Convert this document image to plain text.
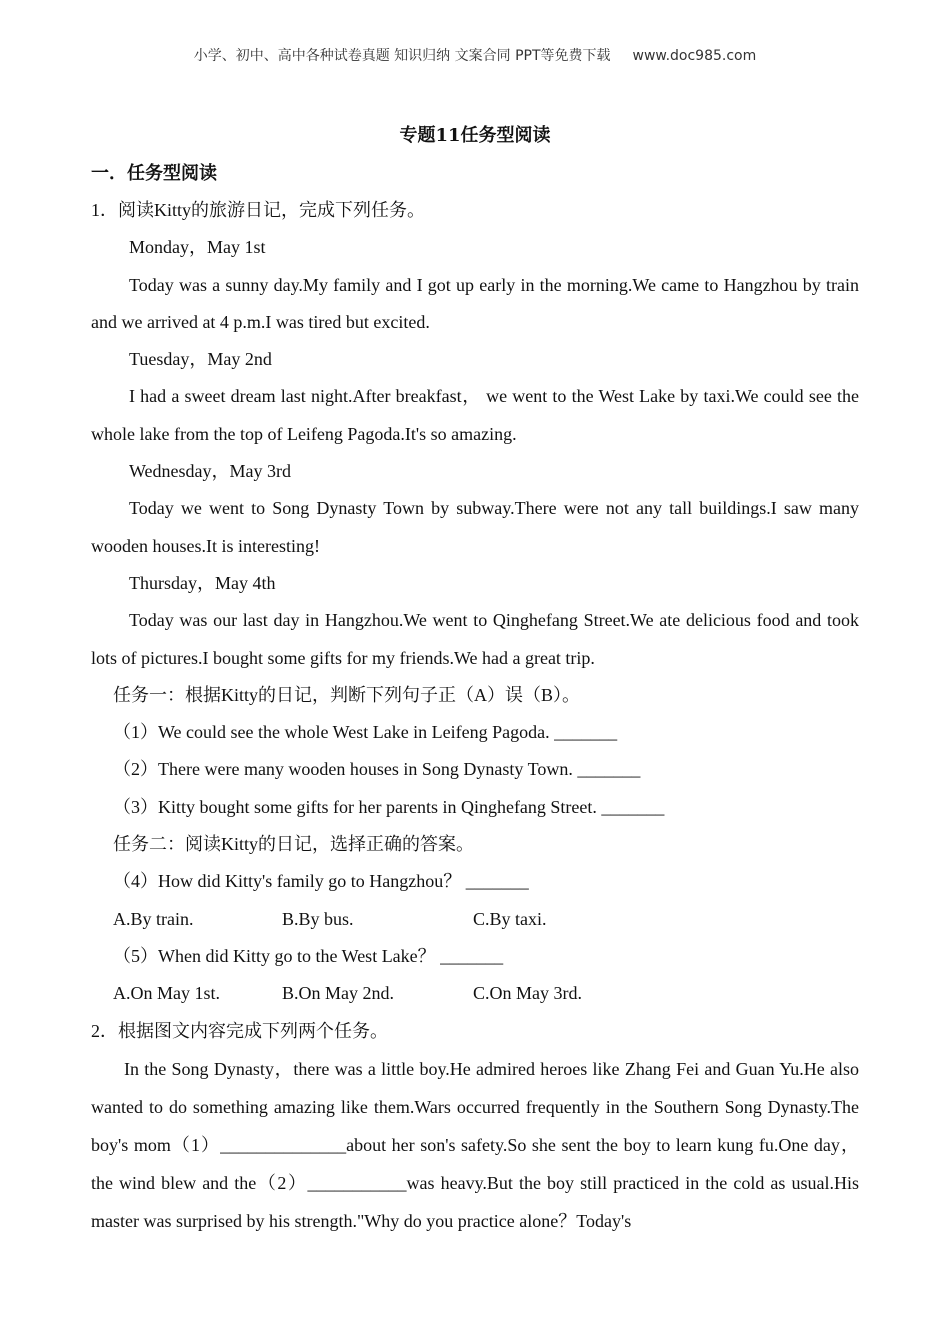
小学、初中、高中各种试卷真题 知识归纳 文案合同 PPT等免费下载 www.doc985.com
专题11任务型阅读
一．任务型阅读

1．阅读Kitty的旅游日记，完成下列任务。

Monday，May 1st

Today was a sunny day.My family and I got up early in the morning.We came to Hangzhou by train and we arrived at 4 p.m.I was tired but excited.

Tuesday，May 2nd

I had a sweet dream last night.After breakfast， we went to the West Lake by taxi.We could see the whole lake from the top of Leifeng Pagoda.It's so amazing.

Wednesday，May 3rd

Today we went to Song Dynasty Town by subway.There were not any tall buildings.I saw many wooden houses.It is interesting!

Thursday，May 4th

Today was our last day in Hangzhou.We went to Qinghefang Street.We ate delicious food and took lots of pictures.I bought some gifts for my friends.We had a great trip.

任务一：根据Kitty的日记，判断下列句子正（A）误（B）。

（1）We could see the whole West Lake in Leifeng Pagoda. _______

（2）There were many wooden houses in Song Dynasty Town. _______

（3）Kitty bought some gifts for her parents in Qinghefang Street. _______

任务二：阅读Kitty的日记，选择正确的答案。

（4）How did Kitty's family go to Hangzhou？ _______

A.By train.	B.By bus.	C.By taxi.

（5）When did Kitty go to the West Lake？ _______

A.On May 1st.	B.On May 2nd.	C.On May 3rd.

2．根据图文内容完成下列两个任务。

In the Song Dynasty，there was a little boy.He admired heroes like Zhang Fei and Guan Yu.He also wanted to do something amazing like them.Wars occurred frequently in the Southern Song Dynasty.The boy's mom（1）______________about her son's safety.So she sent the boy to learn kung fu.One day，the wind blew and the（2）___________was heavy.But the boy still practiced in the cold as usual.His master was surprised by his strength."Why do you practice alone？Today's
